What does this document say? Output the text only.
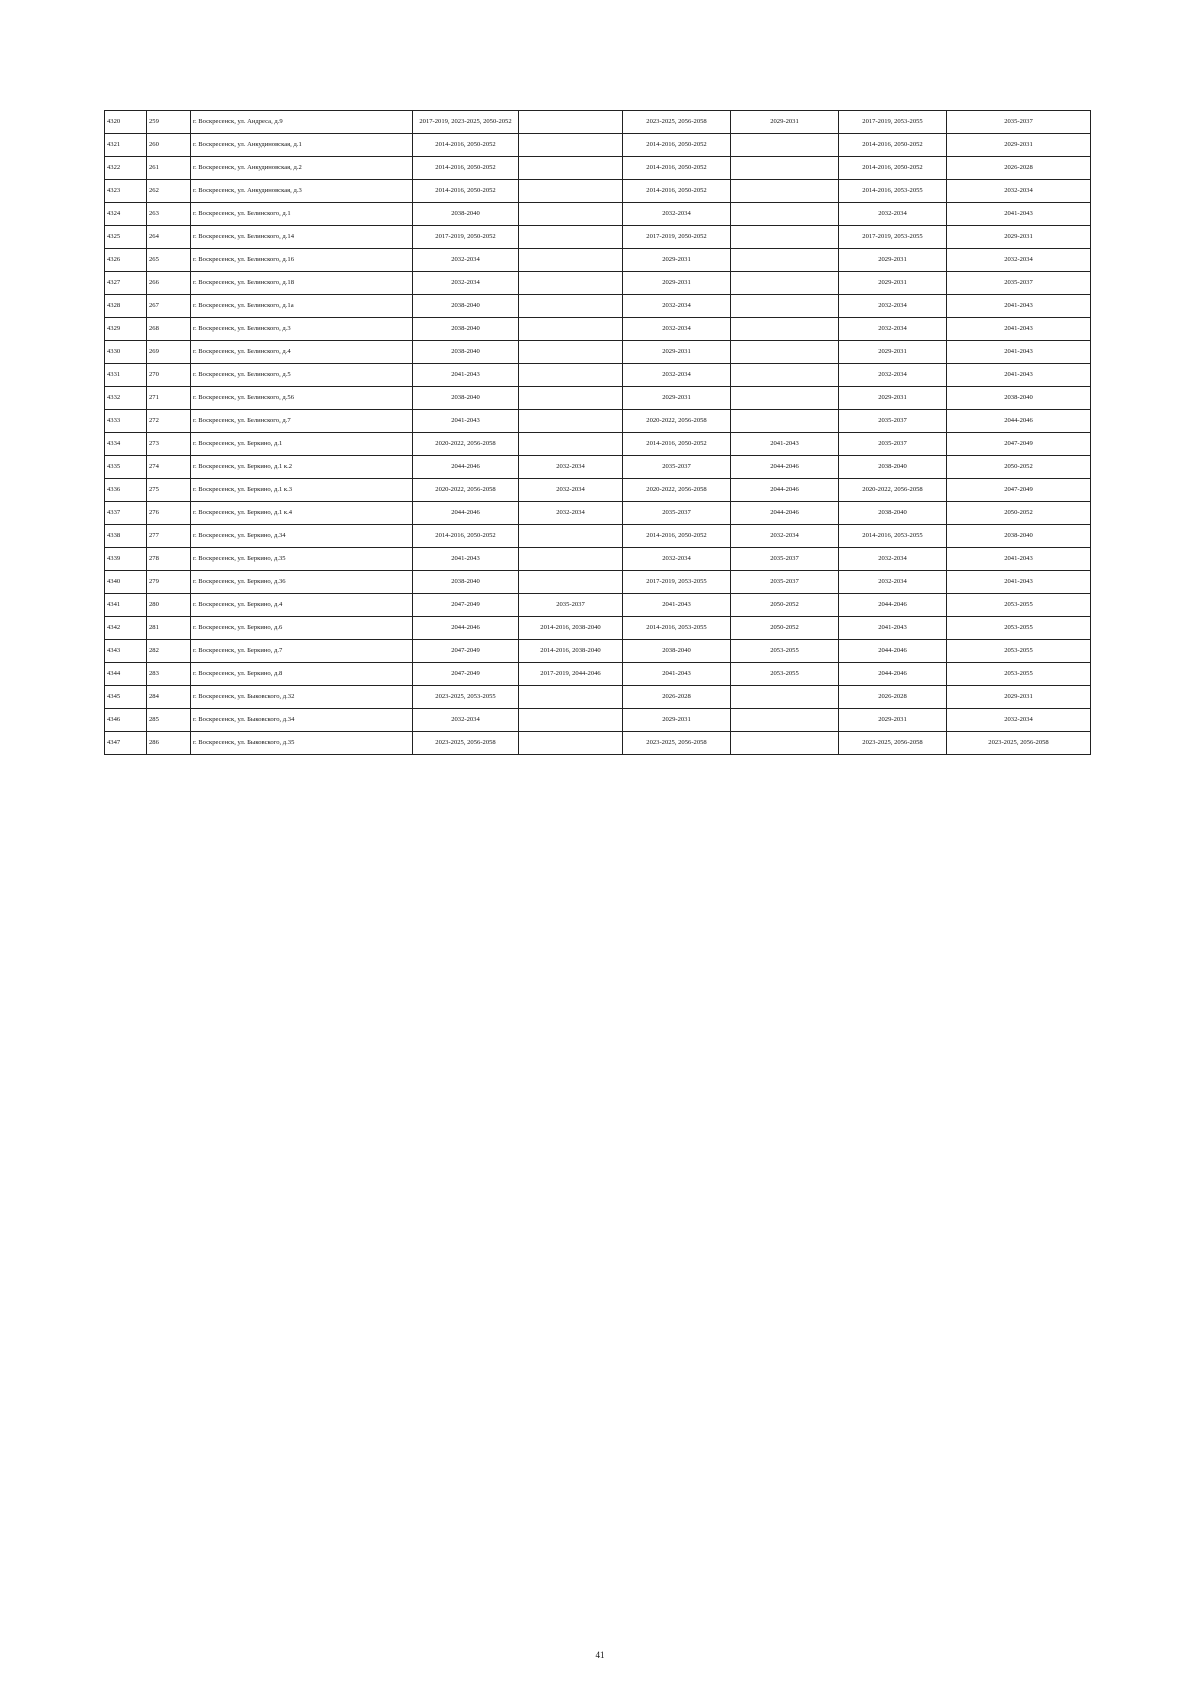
4320	259	г. Воскресенск, ул. Андреса, д.9	2017-2019, 2023-2025, 2050-2052		2023-2025, 2056-2058	2029-2031	2017-2019, 2053-2055	2035-2037
4321	260	г. Воскресенск, ул. Анкудиновская, д.1	2014-2016, 2050-2052		2014-2016, 2050-2052		2014-2016, 2050-2052	2029-2031
4322	261	г. Воскресенск, ул. Анкудиновская, д.2	2014-2016, 2050-2052		2014-2016, 2050-2052		2014-2016, 2050-2052	2026-2028
4323	262	г. Воскресенск, ул. Анкудиновская, д.3	2014-2016, 2050-2052		2014-2016, 2050-2052		2014-2016, 2053-2055	2032-2034
4324	263	г. Воскресенск, ул. Белинского, д.1	2038-2040		2032-2034		2032-2034	2041-2043
4325	264	г. Воскресенск, ул. Белинского, д.14	2017-2019, 2050-2052		2017-2019, 2050-2052		2017-2019, 2053-2055	2029-2031
4326	265	г. Воскресенск, ул. Белинского, д.16	2032-2034		2029-2031		2029-2031	2032-2034
4327	266	г. Воскресенск, ул. Белинского, д.18	2032-2034		2029-2031		2029-2031	2035-2037
4328	267	г. Воскресенск, ул. Белинского, д.1а	2038-2040		2032-2034		2032-2034	2041-2043
4329	268	г. Воскресенск, ул. Белинского, д.3	2038-2040		2032-2034		2032-2034	2041-2043
4330	269	г. Воскресенск, ул. Белинского, д.4	2038-2040		2029-2031		2029-2031	2041-2043
4331	270	г. Воскресенск, ул. Белинского, д.5	2041-2043		2032-2034		2032-2034	2041-2043
4332	271	г. Воскресенск, ул. Белинского, д.56	2038-2040		2029-2031		2029-2031	2038-2040
4333	272	г. Воскресенск, ул. Белинского, д.7	2041-2043		2020-2022, 2056-2058		2035-2037	2044-2046
4334	273	г. Воскресенск, ул. Беркино, д.1	2020-2022, 2056-2058		2014-2016, 2050-2052	2041-2043	2035-2037	2047-2049
4335	274	г. Воскресенск, ул. Беркино, д.1 к.2	2044-2046	2032-2034	2035-2037	2044-2046	2038-2040	2050-2052
4336	275	г. Воскресенск, ул. Беркино, д.1 к.3	2020-2022, 2056-2058	2032-2034	2020-2022, 2056-2058	2044-2046	2020-2022, 2056-2058	2047-2049
4337	276	г. Воскресенск, ул. Беркино, д.1 к.4	2044-2046	2032-2034	2035-2037	2044-2046	2038-2040	2050-2052
4338	277	г. Воскресенск, ул. Беркино, д.34	2014-2016, 2050-2052		2014-2016, 2050-2052	2032-2034	2014-2016, 2053-2055	2038-2040
4339	278	г. Воскресенск, ул. Беркино, д.35	2041-2043		2032-2034	2035-2037	2032-2034	2041-2043
4340	279	г. Воскресенск, ул. Беркино, д.36	2038-2040		2017-2019, 2053-2055	2035-2037	2032-2034	2041-2043
4341	280	г. Воскресенск, ул. Беркино, д.4	2047-2049	2035-2037	2041-2043	2050-2052	2044-2046	2053-2055
4342	281	г. Воскресенск, ул. Беркино, д.6	2044-2046	2014-2016, 2038-2040	2014-2016, 2053-2055	2050-2052	2041-2043	2053-2055
4343	282	г. Воскресенск, ул. Беркино, д.7	2047-2049	2014-2016, 2038-2040	2038-2040	2053-2055	2044-2046	2053-2055
4344	283	г. Воскресенск, ул. Беркино, д.8	2047-2049	2017-2019, 2044-2046	2041-2043	2053-2055	2044-2046	2053-2055
4345	284	г. Воскресенск, ул. Быковского, д.32	2023-2025, 2053-2055		2026-2028		2026-2028	2029-2031
4346	285	г. Воскресенск, ул. Быковского, д.34	2032-2034		2029-2031		2029-2031	2032-2034
4347	286	г. Воскресенск, ул. Быковского, д.35	2023-2025, 2056-2058		2023-2025, 2056-2058		2023-2025, 2056-2058	2023-2025, 2056-2058
41
